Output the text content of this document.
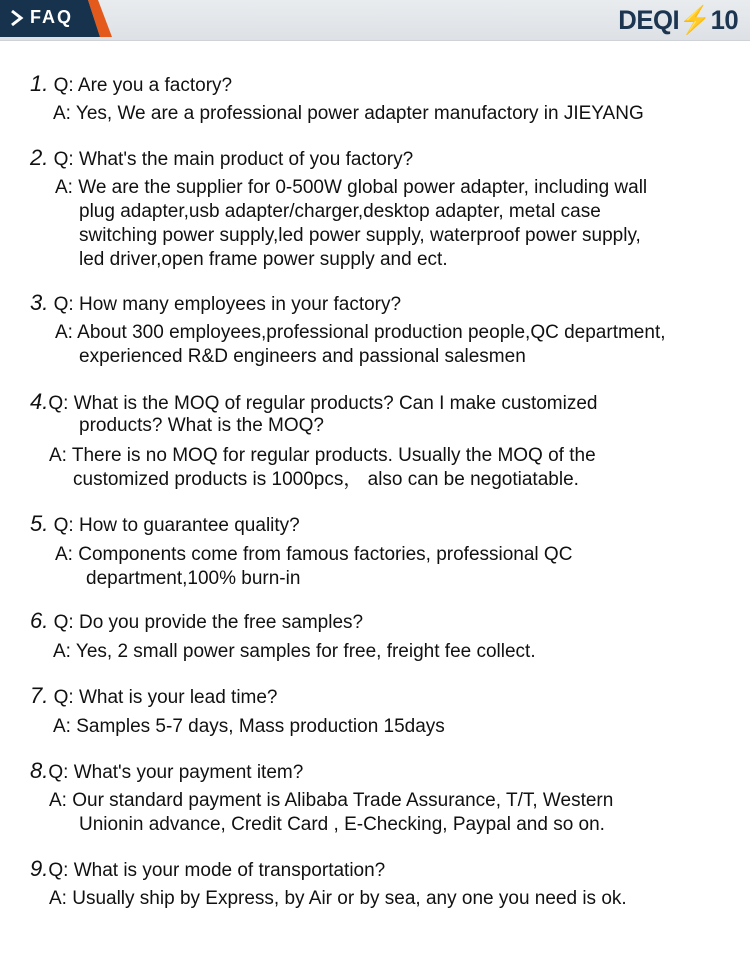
FAQ	DEQI⚡10
1. Q: Are you a factory?
A: Yes, We are a professional power adapter manufactory in JIEYANG
2. Q: What's the main product of you factory?
A: We are the supplier for 0-500W global power adapter, including wall
plug adapter,usb adapter/charger,desktop adapter, metal case
switching power supply,led power supply, waterproof power supply,
led driver,open frame power supply and ect.
3. Q: How many employees in your factory?
A: About 300 employees,professional production people,QC department,
experienced R&D engineers and passional salesmen
4.Q: What is the MOQ of regular products? Can I make customized
products? What is the MOQ?
A: There is no MOQ for regular products. Usually the MOQ of the
customized products is 1000pcs， also can be negotiatable.
5. Q: How to guarantee quality?
A: Components come from famous factories, professional QC
department,100% burn-in
6. Q: Do you provide the free samples?
A: Yes, 2 small power samples for free, freight fee collect.
7. Q: What is your lead time?
A: Samples 5-7 days, Mass production 15days
8.Q: What's your payment item?
A: Our standard payment is Alibaba Trade Assurance, T/T, Western
Unionin advance, Credit Card , E-Checking, Paypal and so on.
9.Q: What is your mode of transportation?
A: Usually ship by Express, by Air or by sea, any one you need is ok.
